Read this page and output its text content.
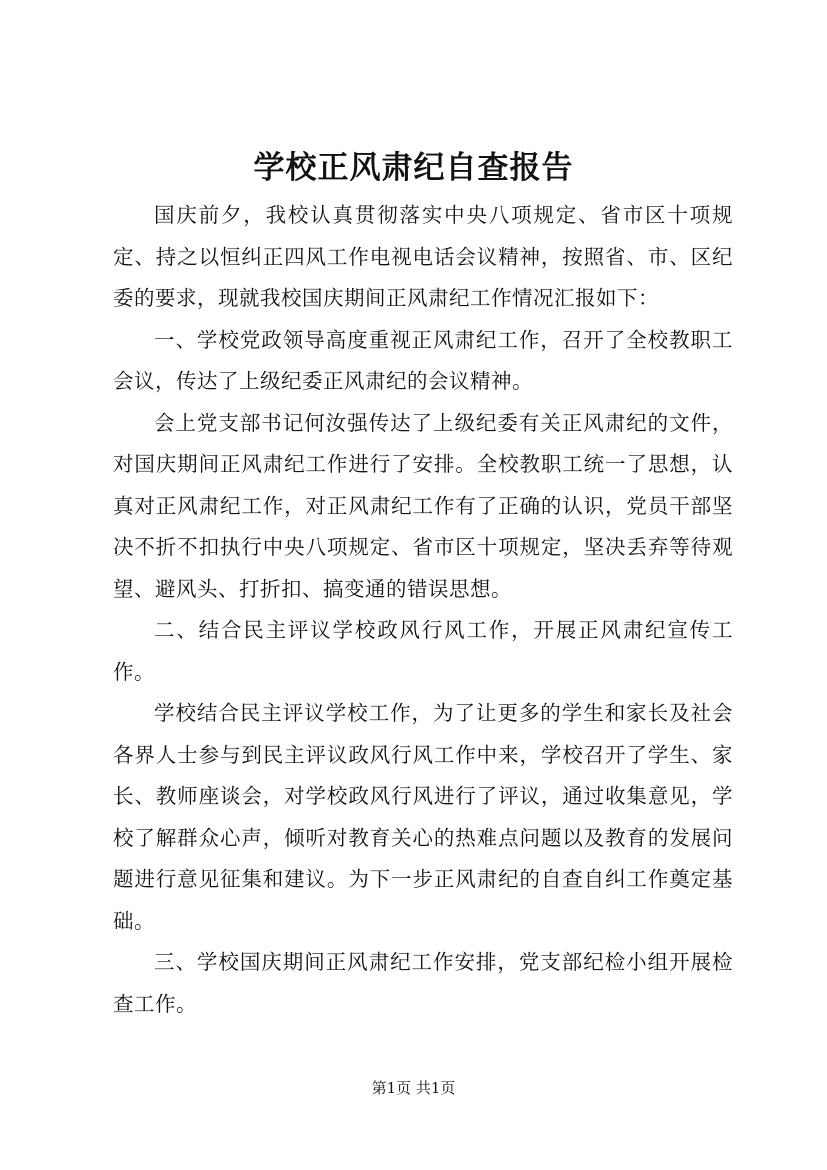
学校正风肃纪自查报告

国庆前夕，我校认真贯彻落实中央八项规定、省市区十项规定、持之以恒纠正四风工作电视电话会议精神，按照省、市、区纪委的要求，现就我校国庆期间正风肃纪工作情况汇报如下：

一、学校党政领导高度重视正风肃纪工作，召开了全校教职工会议，传达了上级纪委正风肃纪的会议精神。

会上党支部书记何汝强传达了上级纪委有关正风肃纪的文件，对国庆期间正风肃纪工作进行了安排。全校教职工统一了思想，认真对正风肃纪工作，对正风肃纪工作有了正确的认识，党员干部坚决不折不扣执行中央八项规定、省市区十项规定，坚决丢弃等待观望、避风头、打折扣、搞变通的错误思想。

二、结合民主评议学校政风行风工作，开展正风肃纪宣传工作。

学校结合民主评议学校工作，为了让更多的学生和家长及社会各界人士参与到民主评议政风行风工作中来，学校召开了学生、家长、教师座谈会，对学校政风行风进行了评议，通过收集意见，学校了解群众心声，倾听对教育关心的热难点问题以及教育的发展问题进行意见征集和建议。为下一步正风肃纪的自查自纠工作奠定基础。

三、学校国庆期间正风肃纪工作安排，党支部纪检小组开展检查工作。

第1页 共1页
